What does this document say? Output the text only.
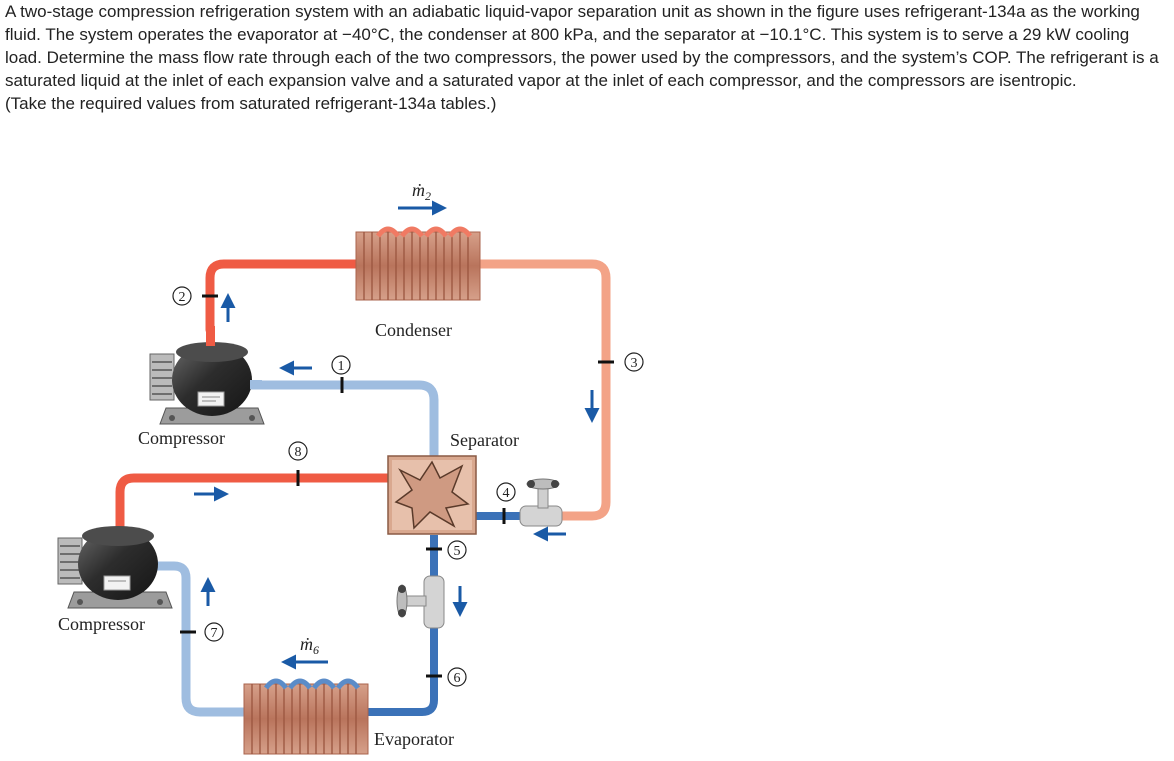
A two-stage compression refrigeration system with an adiabatic liquid-vapor separation unit as shown in the figure uses refrigerant-134a as the working fluid. The system operates the evaporator at −40°C, the condenser at 800 kPa, and the separator at −10.1°C. This system is to serve a 29 kW cooling load. Determine the mass flow rate through each of the two compressors, the power used by the compressors, and the system’s COP. The refrigerant is a saturated liquid at the inlet of each expansion valve and a saturated vapor at the inlet of each compressor, and the compressors are isentropic.

(Take the required values from saturated refrigerant-134a tables.)

ṁ$_2$
Condenser
ṁ$_6$
Evaporator
Separator
Compressor
Compressor
2
1	3
4
5
6
7
8
